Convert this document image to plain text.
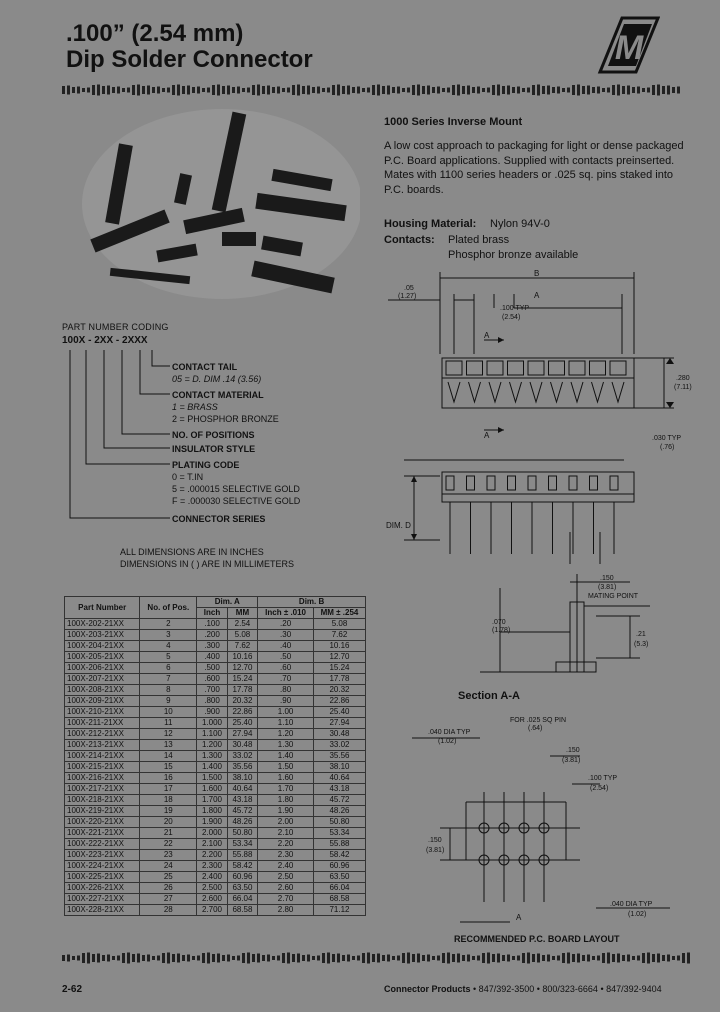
.100” (2.54 mm)
Dip Solder Connector	M
1000 Series Inverse Mount
A low cost approach to packaging for light or dense packaged P.C. Board applications. Supplied with contacts preinserted. Mates with 1100 series headers or .025 sq. pins staked into P.C. boards.
Housing Material: Nylon 94V-0
Contacts: Plated brass
Phosphor bronze available
PART NUMBER CODING
100X - 2XX - 2XXX
CONTACT TAIL
05 = D. DIM .14 (3.56)
CONTACT MATERIAL
1 = BRASS
2 = PHOSPHOR BRONZE
NO. OF POSITIONS
INSULATOR STYLE
PLATING CODE
0 = T.IN
5 = .000015 SELECTIVE GOLD
F = .000030 SELECTIVE GOLD
CONNECTOR SERIES
ALL DIMENSIONS ARE IN INCHES
DIMENSIONS IN ( ) ARE IN MILLIMETERS
Part Number	No. of Pos.	Dim. A		Dim. B	
		Inch	MM	Inch ± .010	MM ± .254
100X-202-21XX	2	.100	2.54	.20	5.08
100X-203-21XX	3	.200	5.08	.30	7.62
100X-204-21XX	4	.300	7.62	.40	10.16
100X-205-21XX	5	.400	10.16	.50	12.70
100X-206-21XX	6	.500	12.70	.60	15.24
100X-207-21XX	7	.600	15.24	.70	17.78
100X-208-21XX	8	.700	17.78	.80	20.32
100X-209-21XX	9	.800	20.32	.90	22.86
100X-210-21XX	10	.900	22.86	1.00	25.40
100X-211-21XX	11	1.000	25.40	1.10	27.94
100X-212-21XX	12	1.100	27.94	1.20	30.48
100X-213-21XX	13	1.200	30.48	1.30	33.02
100X-214-21XX	14	1.300	33.02	1.40	35.56
100X-215-21XX	15	1.400	35.56	1.50	38.10
100X-216-21XX	16	1.500	38.10	1.60	40.64
100X-217-21XX	17	1.600	40.64	1.70	43.18
100X-218-21XX	18	1.700	43.18	1.80	45.72
100X-219-21XX	19	1.800	45.72	1.90	48.26
100X-220-21XX	20	1.900	48.26	2.00	50.80
100X-221-21XX	21	2.000	50.80	2.10	53.34
100X-222-21XX	22	2.100	53.34	2.20	55.88
100X-223-21XX	23	2.200	55.88	2.30	58.42
100X-224-21XX	24	2.300	58.42	2.40	60.96
100X-225-21XX	25	2.400	60.96	2.50	63.50
100X-226-21XX	26	2.500	63.50	2.60	66.04
100X-227-21XX	27	2.600	66.04	2.70	68.58
100X-228-21XX	28	2.700	68.58	2.80	71.12
.05
(1.27)
B
A
.100 TYP
(2.54)
A
.280
(7.11)
A	.030 TYP
(.76)
DIM. D
.150
(3.81)
MATING POINT
.070
(1.78)
.21
(5.3)
Section A-A
FOR .025 SQ PIN
(.64)
.040 DIA TYP
(1.02)
.150
(3.81)
.100 TYP
(2.54)
.150
(3.81)
A
.040 DIA TYP
(1.02)
RECOMMENDED P.C. BOARD LAYOUT
2-62	Connector Products • 847/392-3500 • 800/323-6664 • 847/392-9404
